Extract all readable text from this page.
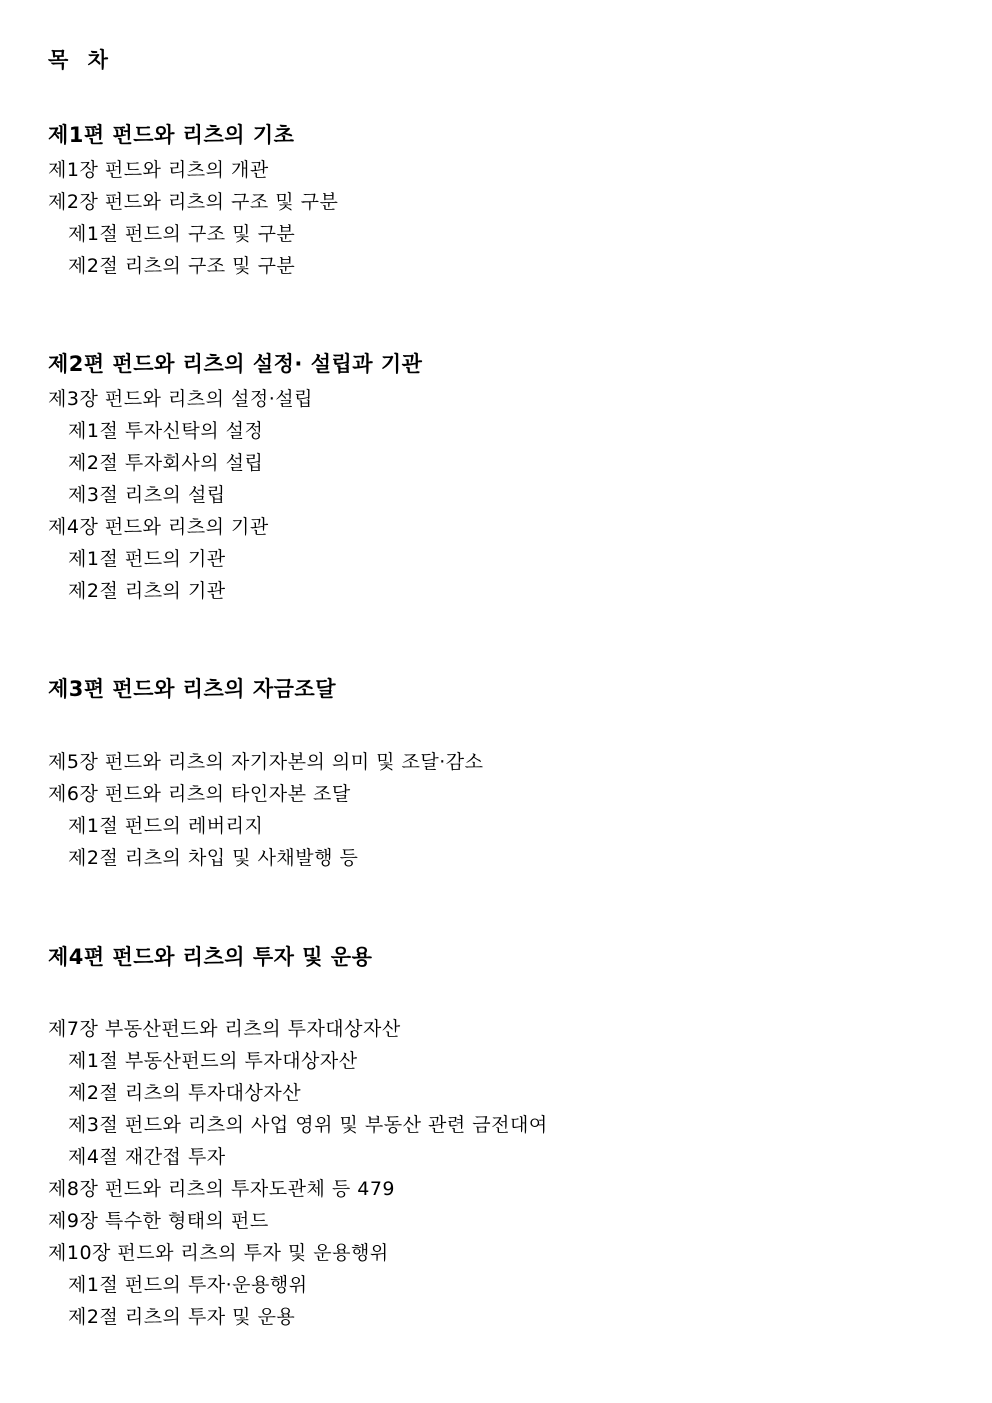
목 차
제1편 펀드와 리츠의 기초
제1장 펀드와 리츠의 개관
제2장 펀드와 리츠의 구조 및 구분
제1절 펀드의 구조 및 구분
제2절 리츠의 구조 및 구분
제2편 펀드와 리츠의 설정· 설립과 기관
제3장 펀드와 리츠의 설정·설립
제1절 투자신탁의 설정
제2절 투자회사의 설립
제3절 리츠의 설립
제4장 펀드와 리츠의 기관
제1절 펀드의 기관
제2절 리츠의 기관
제3편 펀드와 리츠의 자금조달
제5장 펀드와 리츠의 자기자본의 의미 및 조달·감소
제6장 펀드와 리츠의 타인자본 조달
제1절 펀드의 레버리지
제2절 리츠의 차입 및 사채발행 등
제4편 펀드와 리츠의 투자 및 운용
제7장 부동산펀드와 리츠의 투자대상자산
제1절 부동산펀드의 투자대상자산
제2절 리츠의 투자대상자산
제3절 펀드와 리츠의 사업 영위 및 부동산 관련 금전대여
제4절 재간접 투자
제8장 펀드와 리츠의 투자도관체 등 479
제9장 특수한 형태의 펀드
제10장 펀드와 리츠의 투자 및 운용행위
제1절 펀드의 투자·운용행위
제2절 리츠의 투자 및 운용
